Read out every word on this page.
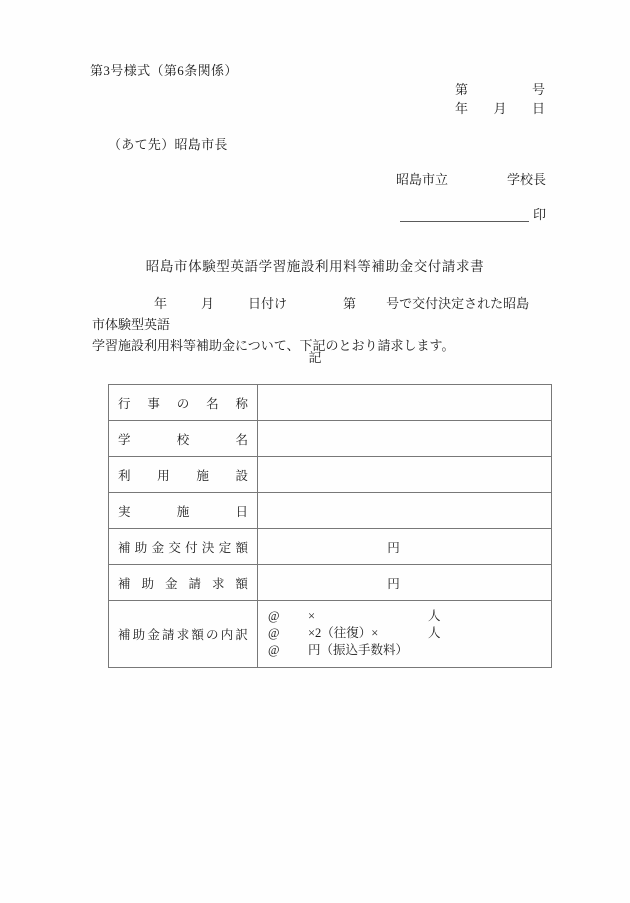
第3号様式（第6条関係）
第	号
年 月 日
（あて先）昭島市長
昭島市立	学校長
印
昭島市体験型英語学習施設利用料等補助金交付請求書
年	月	日付け	第 号で交付決定された昭島市体験型英語
学習施設利用料等補助金について、下記のとおり請求します。
記
行 事 の 名 称	

学 校 名	

利 用 施 設	

実 施 日	

補 助 金 交 付 決 定 額	円

補 助 金 請 求 額	円

補 助 金 請 求 額 の 内 訳

@	×	人
@	×2（往復）×	人
@	円（振込手数料）
